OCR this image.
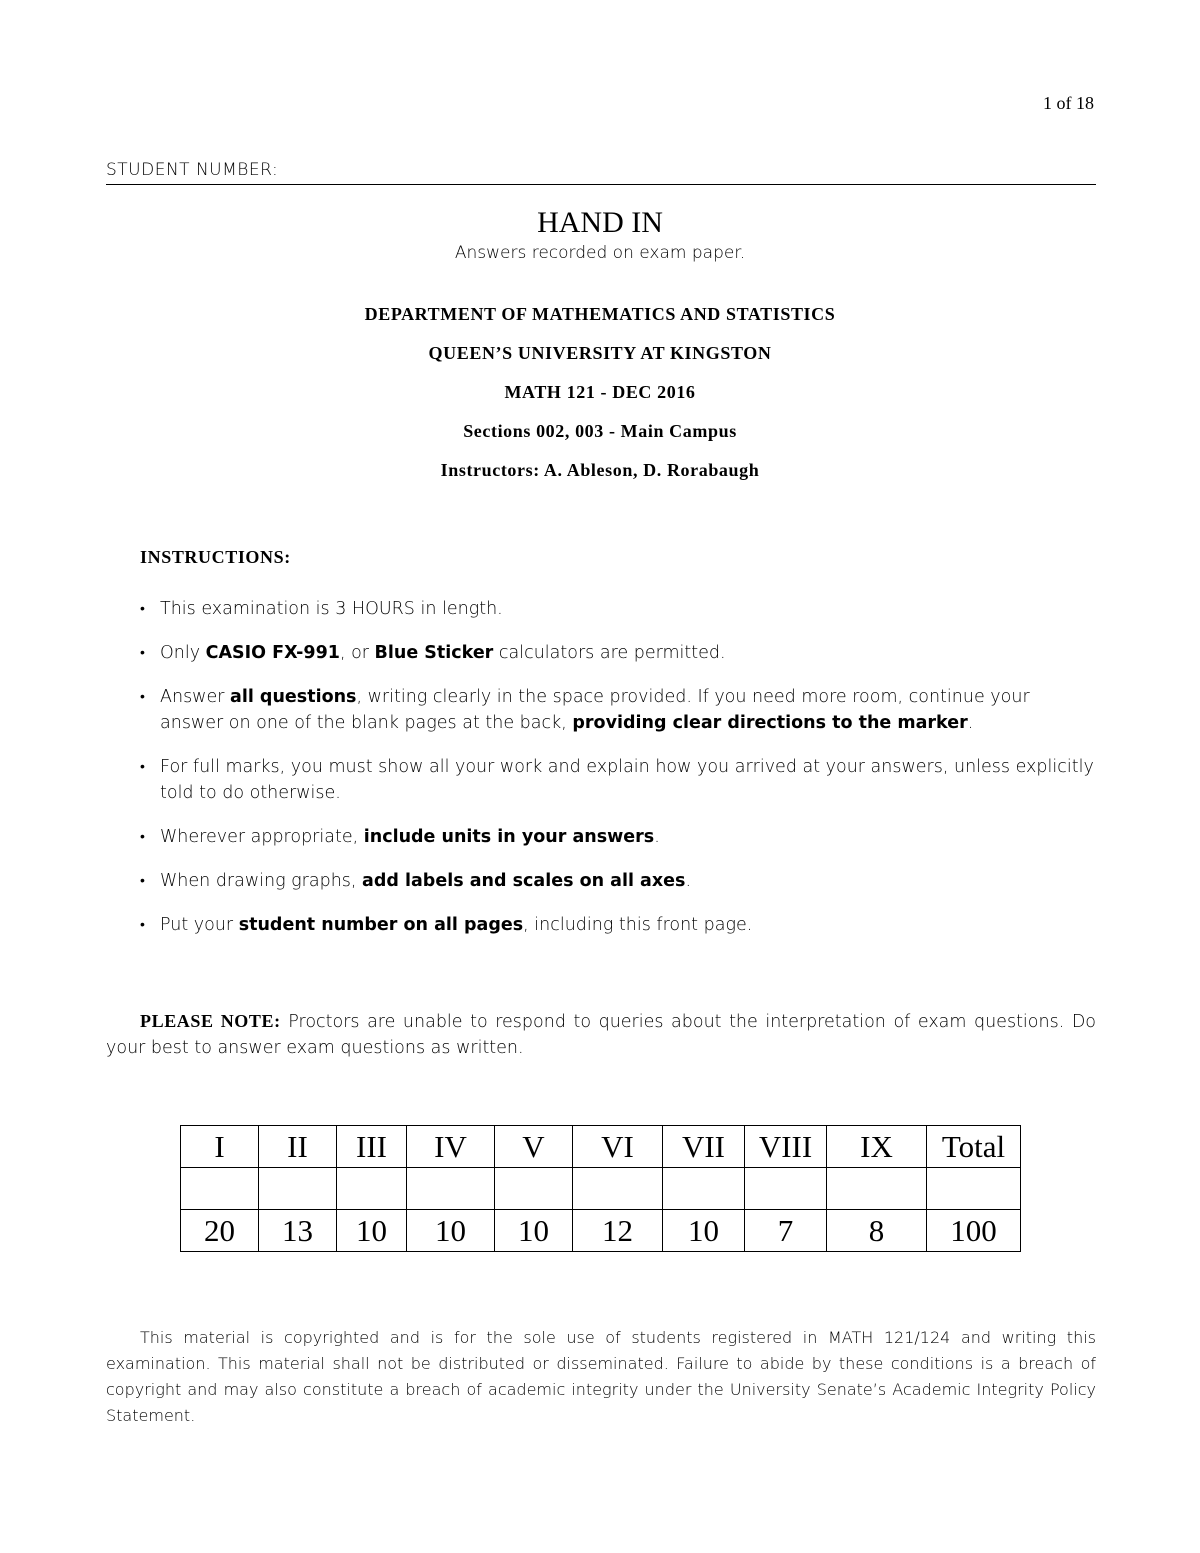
1 of 18
STUDENT NUMBER:
HAND IN
Answers recorded on exam paper.
DEPARTMENT OF MATHEMATICS AND STATISTICS
QUEEN’S UNIVERSITY AT KINGSTON
MATH 121 - DEC 2016
Sections 002, 003 - Main Campus
Instructors: A. Ableson, D. Rorabaugh
INSTRUCTIONS:
• This examination is 3 HOURS in length.
• Only CASIO FX-991, or Blue Sticker calculators are permitted.
• Answer all questions, writing clearly in the space provided. If you need more room, continue your answer on one of the blank pages at the back, providing clear directions to the marker.
• For full marks, you must show all your work and explain how you arrived at your answers, unless explicitly told to do otherwise.
• Wherever appropriate, include units in your answers.
• When drawing graphs, add labels and scales on all axes.
• Put your student number on all pages, including this front page.
PLEASE NOTE: Proctors are unable to respond to queries about the interpretation of exam questions. Do your best to answer exam questions as written.
I	II	III	IV	V	VI	VII	VIII	IX	Total

20	13	10	10	10	12	10	7	8	100
This material is copyrighted and is for the sole use of students registered in MATH 121/124 and writing this examination. This material shall not be distributed or disseminated. Failure to abide by these conditions is a breach of copyright and may also constitute a breach of academic integrity under the University Senate’s Academic Integrity Policy Statement.
